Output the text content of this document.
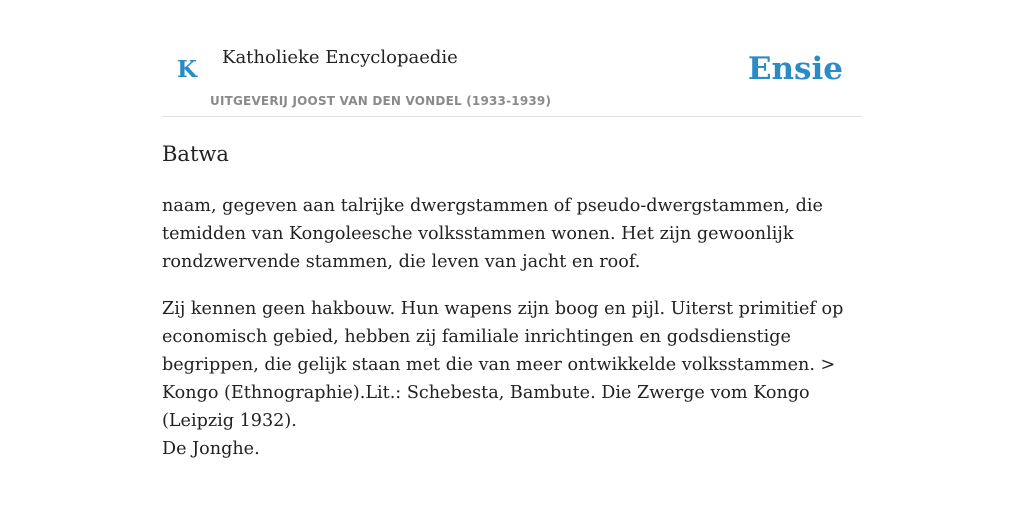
K Katholieke Encyclopaedie
UITGEVERIJ JOOST VAN DEN VONDEL (1933-1939)
Ensie
Batwa

naam, gegeven aan talrijke dwergstammen of pseudo-dwergstammen, die temidden van Kongoleesche volksstammen wonen. Het zijn gewoonlijk rondzwervende stammen, die leven van jacht en roof.

Zij kennen geen hakbouw. Hun wapens zijn boog en pijl. Uiterst primitief op economisch gebied, hebben zij familiale inrichtingen en godsdienstige begrippen, die gelijk staan met die van meer ontwikkelde volksstammen. > Kongo (Ethnographie).Lit.: Schebesta, Bambute. Die Zwerge vom Kongo (Leipzig 1932).

De Jonghe.
